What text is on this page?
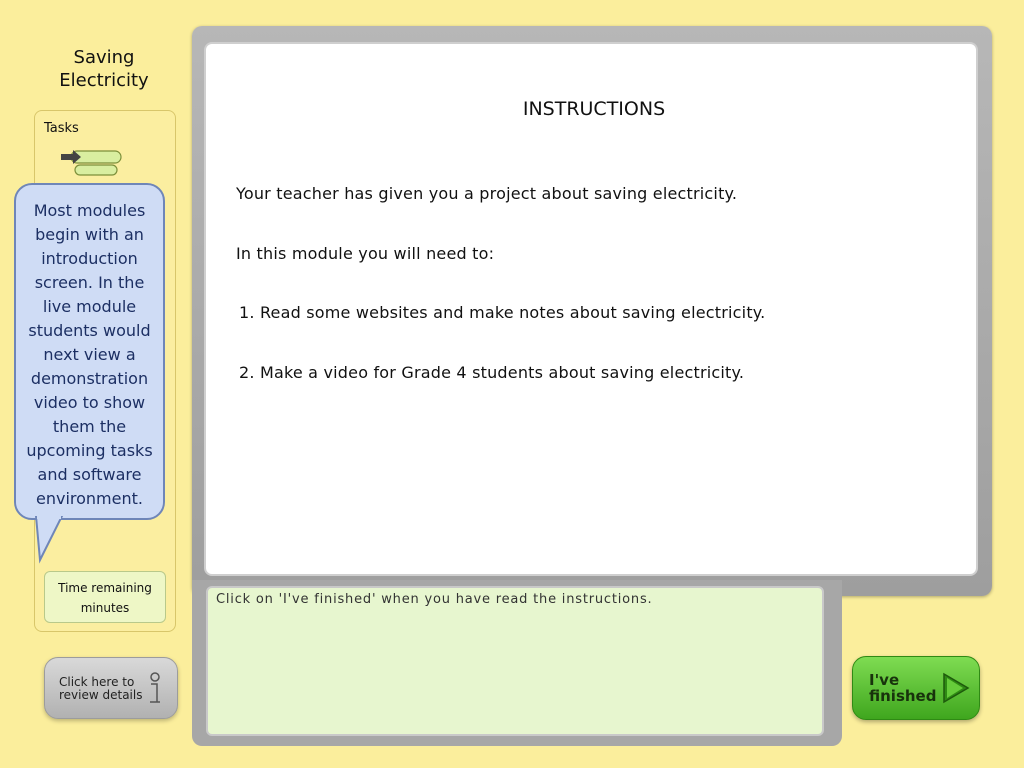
Saving Electricity
Tasks
Time remaining
minutes
Most modules begin with an introduction screen. In the live module students would next view a demonstration video to show them the upcoming tasks and software environment.
Click here to
review details
INSTRUCTIONS
Your teacher has given you a project about saving electricity.
In this module you will need to:
1. Read some websites and make notes about saving electricity.
2. Make a video for Grade 4 students about saving electricity.
Click on 'I've finished' when you have read the instructions.
I've
finished
